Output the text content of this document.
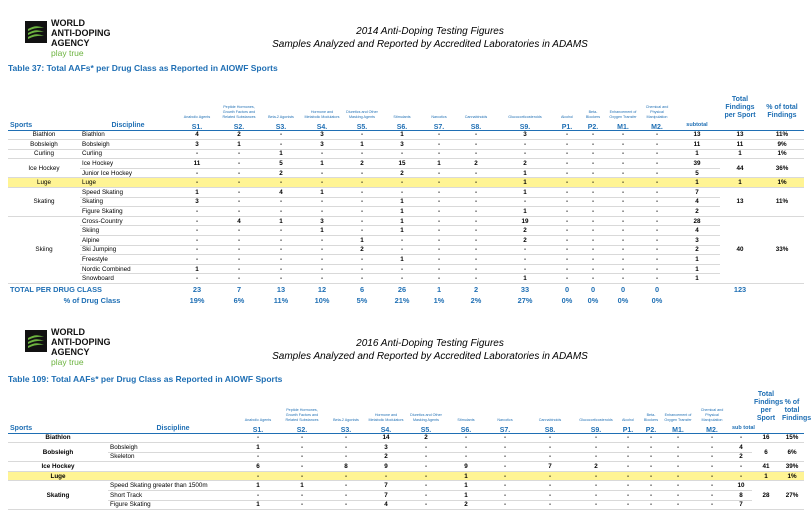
WORLD
ANTI-DOPING
AGENCY
play true
2014 Anti-Doping Testing Figures
Samples Analyzed and Reported by Accredited Laboratories in ADAMS
Table 37: Total AAFs* per Drug Class as Reported in AIOWF Sports
		Anabolic Agents	Peptide Hormones, Growth Factors and Related Substances	Beta-2 Agonists	Hormone and Metabolic Modulators	Diuretics and Other Masking Agents	Stimulants	Narcotics	Cannabinoids	Glucocorticosteroids	Alcohol	Beta-Blockers	Enhancement of Oxygen Transfer	Chemical and Physical Manipulation		Total Findings per Sport	% of total Findings
Sports	Discipline	S1.	S2.	S3.	S4.	S5.	S6.	S7.	S8.	S9.	P1.	P2.	M1.	M2.	subtotal		
Biathlon	Biathlon	4	2	-	3	-	1	-	-	3	-	-	-	-	13	13	11%
Bobsleigh	Bobsleigh	3	1	-	3	1	3	-	-	-	-	-	-	-	11	11	9%
Curling	Curling	-	-	1	-	-	-	-	-	-	-	-	-	-	1	1	1%
Ice Hockey	Ice Hockey	11	-	5	1	2	15	1	2	2	-	-	-	-	39	44	36%
	Junior Ice Hockey	-	-	2	-	-	2	-	-	1	-	-	-	-	5		
Luge	Luge	-	-	-	-	-	-	-	-	1	-	-	-	-	1	1	1%
Skating	Speed Skating	1	-	4	1	-	-	-	-	1	-	-	-	-	7	13	11%
	Skating	3	-	-	-	-	1	-	-	-	-	-	-	-	4		
	Figure Skating	-	-	-	-	-	1	-	-	1	-	-	-	-	2		
Skiing	Cross-Country	-	4	1	3	-	1	-	-	19	-	-	-	-	28	40	33%
	Skiing	-	-	-	1	-	1	-	-	2	-	-	-	-	4		
	Alpine	-	-	-	-	1	-	-	-	2	-	-	-	-	3		
	Ski Jumping	-	-	-	-	2	-	-	-	-	-	-	-	-	2		
	Freestyle	-	-	-	-	-	1	-	-	-	-	-	-	-	1		
	Nordic Combined	1	-	-	-	-	-	-	-	-	-	-	-	-	1		
	Snowboard	-	-	-	-	-	-	-	-	1	-	-	-	-	1		
TOTAL PER DRUG CLASS		23	7	13	12	6	26	1	2	33	0	0	0	0		123	
% of Drug Class		19%	6%	11%	10%	5%	21%	1%	2%	27%	0%	0%	0%	0%			
WORLD
ANTI-DOPING
AGENCY
play true
2016 Anti-Doping Testing Figures
Samples Analyzed and Reported by Accredited Laboratories in ADAMS
Table 109: Total AAFs* per Drug Class as Reported in AIOWF Sports
		Anabolic Agents	Peptide Hormones, Growth Factors and Related Substances	Beta-2 Agonists	Hormone and Metabolic Modulators	Diuretics and Other Masking Agents	Stimulants	Narcotics	Cannabinoids	Glucocorticosteroids	Alcohol	Beta-Blockers	Enhancement of Oxygen Transfer	Chemical and Physical Manipulation		Total Findings per Sport	% of total Findings
Sports	Discipline	S1.	S2.	S3.	S4.	S5.	S6.	S7.	S8.	S9.	P1.	P2.	M1.	M2.	sub total		
Biathlon		-	-	-	14	2	-	-	-	-	-	-	-	-	-	16	15%
Bobsleigh	Bobsleigh	1	-	-	3	-	-	-	-	-	-	-	-	-	4	6	6%
	Skeleton	-	-	-	2	-	-	-	-	-	-	-	-	-	2		
Ice Hockey		6	-	8	9	-	9	-	7	2	-	-	-	-	-	41	39%
Luge		-	-	-	-	-	1	-	-	-	-	-	-	-	-	1	1%
Skating	Speed Skating greater than 1500m	1	1	-	7	-	1	-	-	-	-	-	-	-	10	28	27%
	Short Track	-	-	-	7	-	1	-	-	-	-	-	-	-	8		
	Figure Skating	1	-	-	4	-	2	-	-	-	-	-	-	-	7		
